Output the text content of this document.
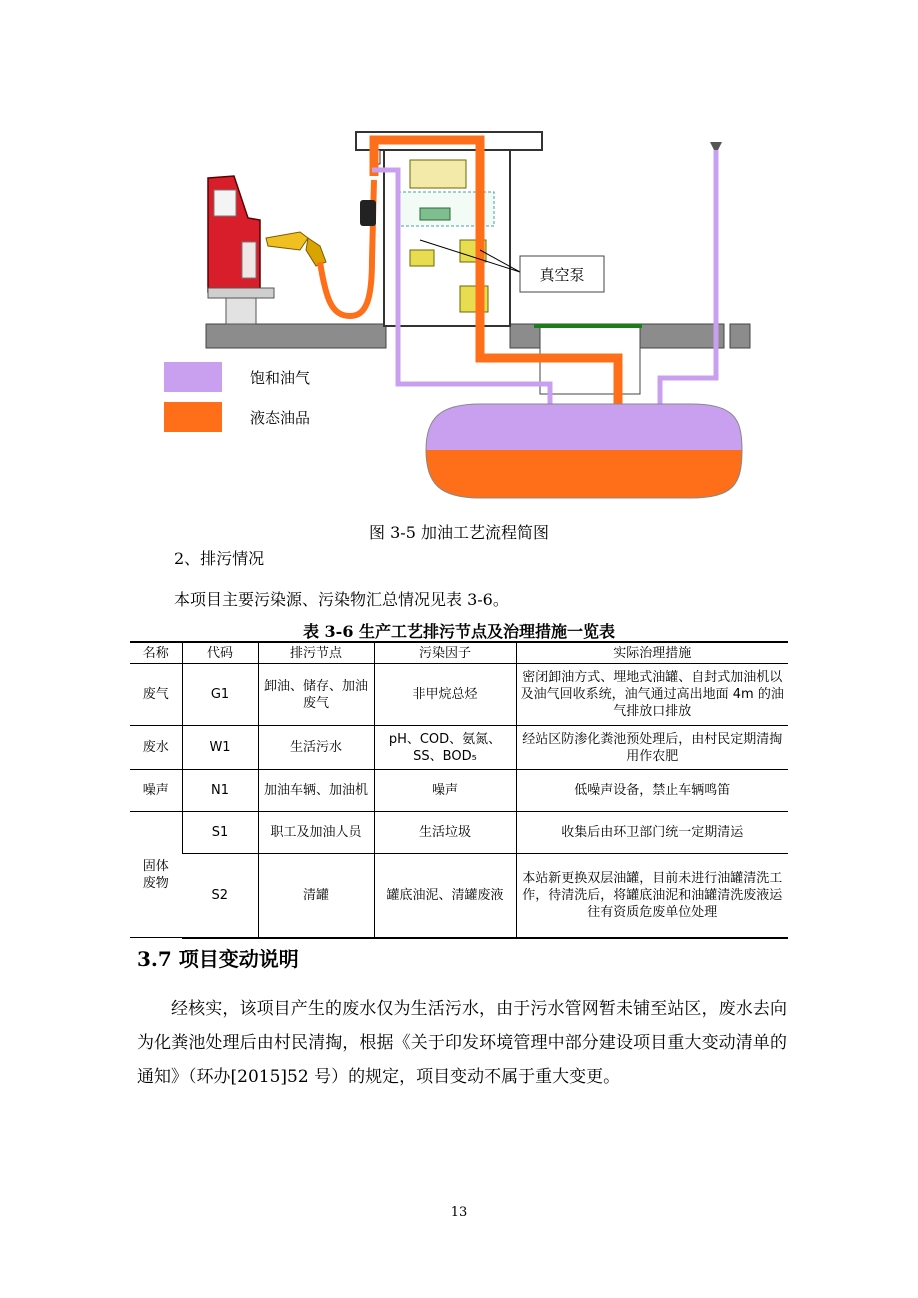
真空泵
饱和油气
液态油品
图 3-5 加油工艺流程简图
2、排污情况
本项目主要污染源、污染物汇总情况见表 3-6。
表 3-6 生产工艺排污节点及治理措施一览表
名称	代码	排污节点	污染因子	实际治理措施
废气	G1	卸油、储存、加油废气	非甲烷总烃	密闭卸油方式、埋地式油罐、自封式加油机以及油气回收系统，油气通过高出地面 4m 的油气排放口排放
废水	W1	生活污水	pH、COD、氨氮、SS、BOD₅	经站区防渗化粪池预处理后，由村民定期清掏用作农肥
噪声	N1	加油车辆、加油机	噪声	低噪声设备，禁止车辆鸣笛
固体废物	S1	职工及加油人员	生活垃圾	收集后由环卫部门统一定期清运
	S2	清罐	罐底油泥、清罐废液	本站新更换双层油罐，目前未进行油罐清洗工作，待清洗后，将罐底油泥和油罐清洗废液运往有资质危废单位处理
3.7 项目变动说明
经核实，该项目产生的废水仅为生活污水，由于污水管网暂未铺至站区，废水去向为化粪池处理后由村民清掏，根据《关于印发环境管理中部分建设项目重大变动清单的通知》（环办[2015]52 号）的规定，项目变动不属于重大变更。
13
